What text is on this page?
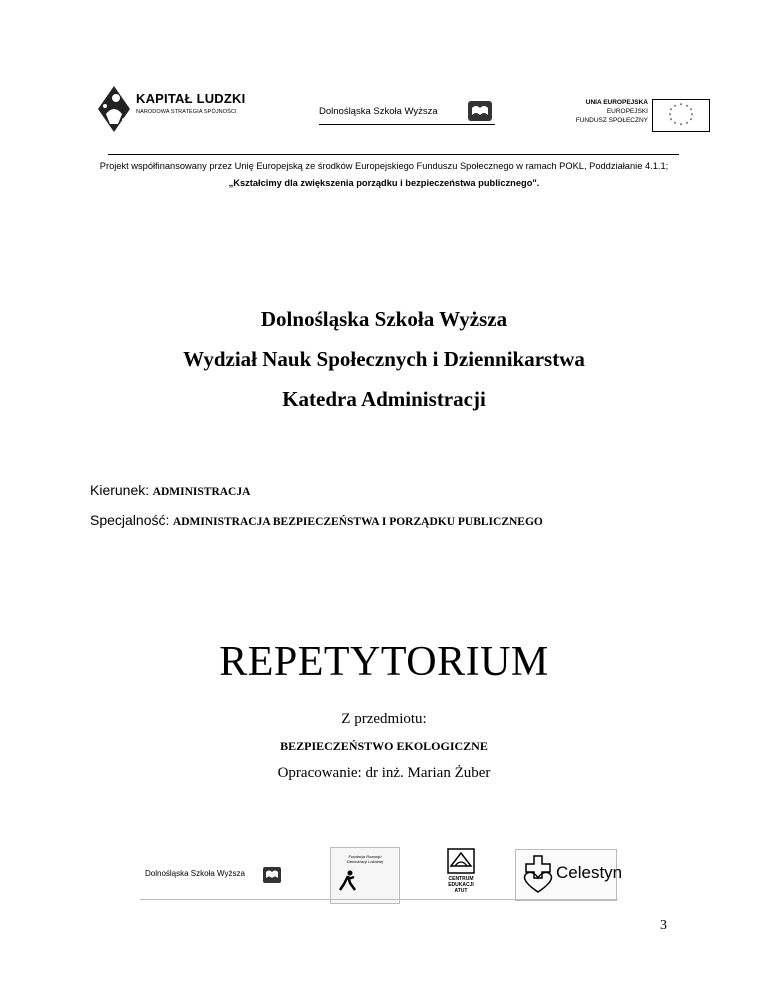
KAPITAŁ LUDZKI
NARODOWA STRATEGIA SPÓJNOŚCI	Dolnośląska Szkoła Wyższa
UNIA EUROPEJSKA
EUROPEJSKI
FUNDUSZ SPOŁECZNY
* *
*
*
*
*
*
*
*
*
*
*
Projekt współfinansowany przez Unię Europejską ze środków Europejskiego Funduszu Społecznego w ramach POKL, Poddziałanie 4.1.1;
„Kształcimy dla zwiększenia porządku i bezpieczeństwa publicznego".
Dolnośląska Szkoła Wyższa
Wydział Nauk Społecznych i Dziennikarstwa
Katedra Administracji
Kierunek: ADMINISTRACJA
Specjalność: ADMINISTRACJA BEZPIECZEŃSTWA I PORZĄDKU PUBLICZNEGO
REPETYTORIUM
Z przedmiotu:
BEZPIECZEŃSTWO EKOLOGICZNE
Opracowanie: dr inż. Marian Żuber
Dolnośląska Szkoła Wyższa
Fundacja Rozwoju Demokracji Lokalnej
CENTRUM EDUKACJI ATUT
Celestyn
3
